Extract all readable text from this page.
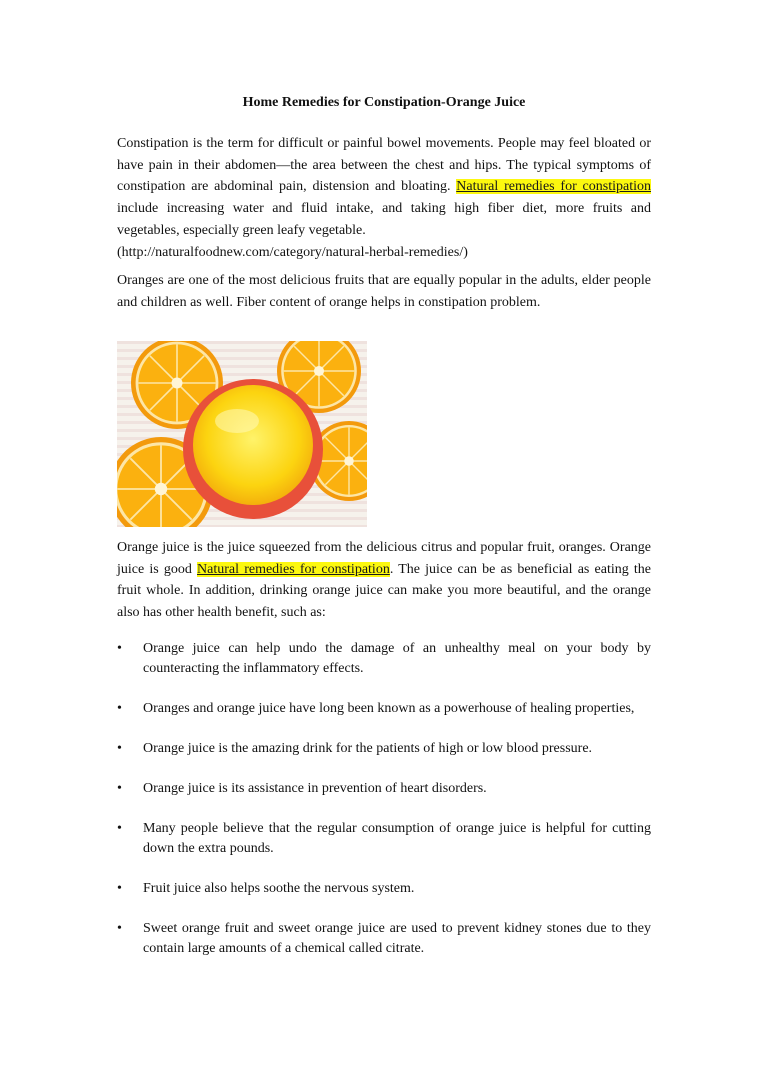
Home Remedies for Constipation-Orange Juice

Constipation is the term for difficult or painful bowel movements. People may feel bloated or have pain in their abdomen—the area between the chest and hips. The typical symptoms of constipation are abdominal pain, distension and bloating. Natural remedies for constipation include increasing water and fluid intake, and taking high fiber diet, more fruits and vegetables, especially green leafy vegetable.
(http://naturalfoodnew.com/category/natural-herbal-remedies/)

Oranges are one of the most delicious fruits that are equally popular in the adults, elder people and children as well. Fiber content of orange helps in constipation problem.

Orange juice is the juice squeezed from the delicious citrus and popular fruit, oranges. Orange juice is good Natural remedies for constipation. The juice can be as beneficial as eating the fruit whole. In addition, drinking orange juice can make you more beautiful, and the orange also has other health benefit, such as:

• Orange juice can help undo the damage of an unhealthy meal on your body by counteracting the inflammatory effects.
• Oranges and orange juice have long been known as a powerhouse of healing properties,
• Orange juice is the amazing drink for the patients of high or low blood pressure.
• Orange juice is its assistance in prevention of heart disorders.
• Many people believe that the regular consumption of orange juice is helpful for cutting down the extra pounds.
• Fruit juice also helps soothe the nervous system.
• Sweet orange fruit and sweet orange juice are used to prevent kidney stones due to they contain large amounts of a chemical called citrate.
